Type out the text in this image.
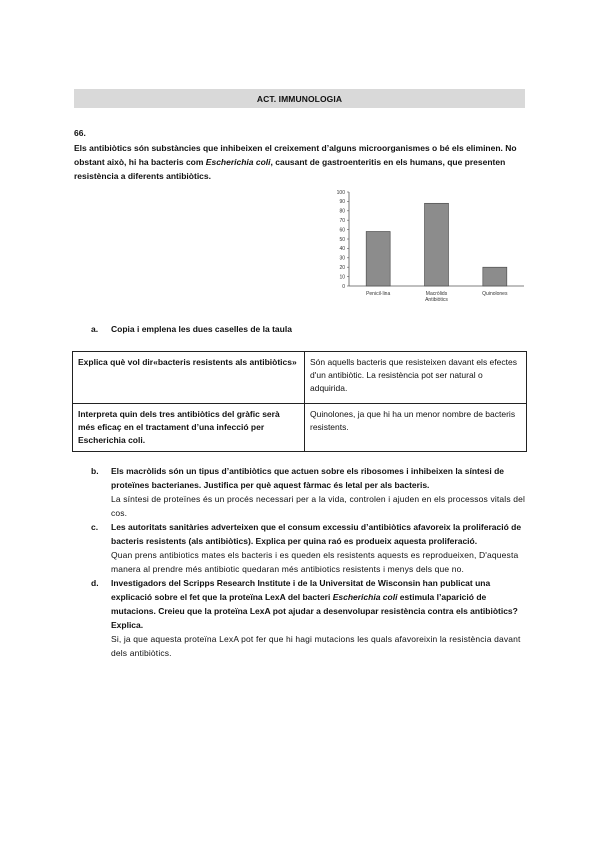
ACT. IMMUNOLOGIA
66.
Els antibiòtics són substàncies que inhibeixen el creixement d’alguns microorganismes o bé els eliminen. No obstant això, hi ha bacteris com Escherichia coli, causant de gastroenteritis en els humans, que presenten resistència a diferents antibiòtics.
0
10
20
30
40
50
60
70
80
90
100
Penicil·lina	Macròlids Antibiòtics
Quinolones
a. Copia i emplena les dues caselles de la taula
Explica què vol dir«bacteris resistents als antibiòtics»	Són aquells bacteris que resisteixen davant els efectes d'un antibiòtic. La resistència pot ser natural o adquirida.
Interpreta quin dels tres antibiòtics del gràfic serà més eficaç en el tractament d’una infecció per Escherichia coli.	Quinolones, ja que hi ha un menor nombre de bacteris resistents.
b. Els macròlids són un tipus d’antibiòtics que actuen sobre els ribosomes i inhibeixen la síntesi de proteïnes bacterianes. Justifica per què aquest fàrmac és letal per als bacteris.
La síntesi de proteïnes és un procés necessari per a la vida, controlen i ajuden en els processos vitals del cos.
c. Les autoritats sanitàries adverteixen que el consum excessiu d’antibiòtics afavoreix la proliferació de bacteris resistents (als antibiòtics). Explica per quina raó es produeix aquesta proliferació.
Quan prens antibiotics mates els bacteris i es queden els resistents aquests es reprodueixen, D'aquesta manera al prendre més antibiotic quedaran més antibiotics resistents i menys dels que no.
d. Investigadors del Scripps Research Institute i de la Universitat de Wisconsin han publicat una explicació sobre el fet que la proteïna LexA del bacteri Escherichia coli estimula l’aparició de mutacions. Creieu que la proteïna LexA pot ajudar a desenvolupar resistència contra els antibiòtics? Explica.
Si, ja que aquesta proteïna LexA pot fer que hi hagi mutacions les quals afavoreixin la resistència davant dels antibiòtics.
